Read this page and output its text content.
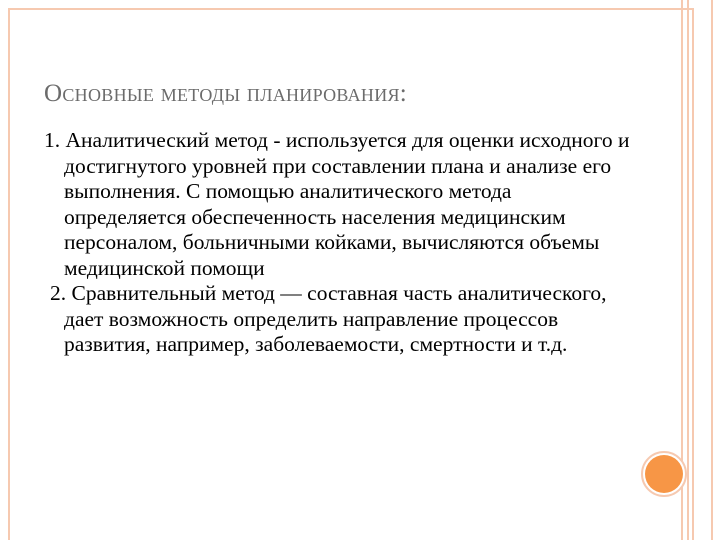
Основные методы планирования:

1. Аналитический метод - используется для оценки исходного и достигнутого уровней при составлении плана и анализе его выполнения. С помощью аналитического метода определяется обеспеченность населения медицинским персоналом, больничными койками, вычисляются объемы медицинской помощи

2. Сравнительный метод — составная часть аналитического, дает возможность определить направление процессов развития, например, заболеваемости, смертности и т.д.
